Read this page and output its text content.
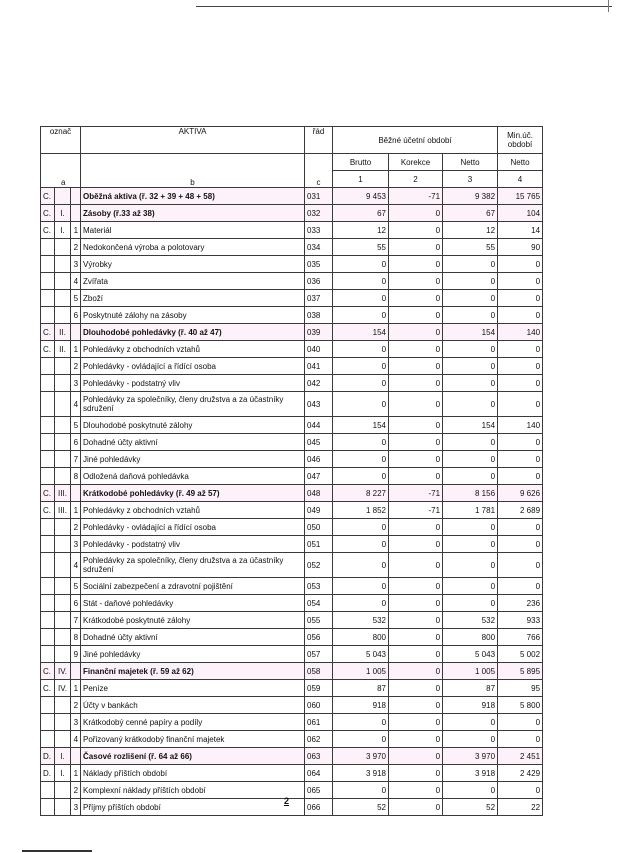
označ			AKTIVA	řád	Běžné účetní období			Min.úč. období
a			b	c	Brutto	Korekce	Netto	Netto
					1	2	3	4
C.			Oběžná aktiva (ř. 32 + 39 + 48 + 58)	031	9 453	-71	9 382	15 765
C.	I.		Zásoby (ř.33 až 38)	032	67	0	67	104
C.	I.	1	Materiál	033	12	0	12	14
		2	Nedokončená výroba a polotovary	034	55	0	55	90
		3	Výrobky	035	0	0	0	0
		4	Zvířata	036	0	0	0	0
		5	Zboží	037	0	0	0	0
		6	Poskytnuté zálohy na zásoby	038	0	0	0	0
C.	II.		Dlouhodobé pohledávky (ř. 40 až 47)	039	154	0	154	140
C.	II.	1	Pohledávky z obchodních vztahů	040	0	0	0	0
		2	Pohledávky - ovládající a řídící osoba	041	0	0	0	0
		3	Pohledávky - podstatný vliv	042	0	0	0	0
		4	Pohledávky za společníky, členy družstva a za účastníky sdružení	043	0	0	0	0
		5	Dlouhodobé poskytnuté zálohy	044	154	0	154	140
		6	Dohadné účty aktivní	045	0	0	0	0
		7	Jiné pohledávky	046	0	0	0	0
		8	Odložená daňová pohledávka	047	0	0	0	0
C.	III.		Krátkodobé pohledávky (ř. 49 až 57)	048	8 227	-71	8 156	9 626
C.	III.	1	Pohledávky z obchodních vztahů	049	1 852	-71	1 781	2 689
		2	Pohledávky - ovládající a řídící osoba	050	0	0	0	0
		3	Pohledávky - podstatný vliv	051	0	0	0	0
		4	Pohledávky za společníky, členy družstva a za účastníky sdružení	052	0	0	0	0
		5	Sociální zabezpečení a zdravotní pojištění	053	0	0	0	0
		6	Stát - daňové pohledávky	054	0	0	0	236
		7	Krátkodobé poskytnuté zálohy	055	532	0	532	933
		8	Dohadné účty aktivní	056	800	0	800	766
		9	Jiné pohledávky	057	5 043	0	5 043	5 002
C.	IV.		Finanční majetek (ř. 59 až 62)	058	1 005	0	1 005	5 895
C.	IV.	1	Peníze	059	87	0	87	95
		2	Účty v bankách	060	918	0	918	5 800
		3	Krátkodobý cenné papíry a podíly	061	0	0	0	0
		4	Pořizovaný krátkodobý finanční majetek	062	0	0	0	0
D.	I.		Časové rozlišení (ř. 64 až 66)	063	3 970	0	3 970	2 451
D.	I.	1	Náklady příštích období	064	3 918	0	3 918	2 429
		2	Komplexní náklady příštích období	065	0	0	0	0
		3	Příjmy příštích období	066	52	0	52	22
2
